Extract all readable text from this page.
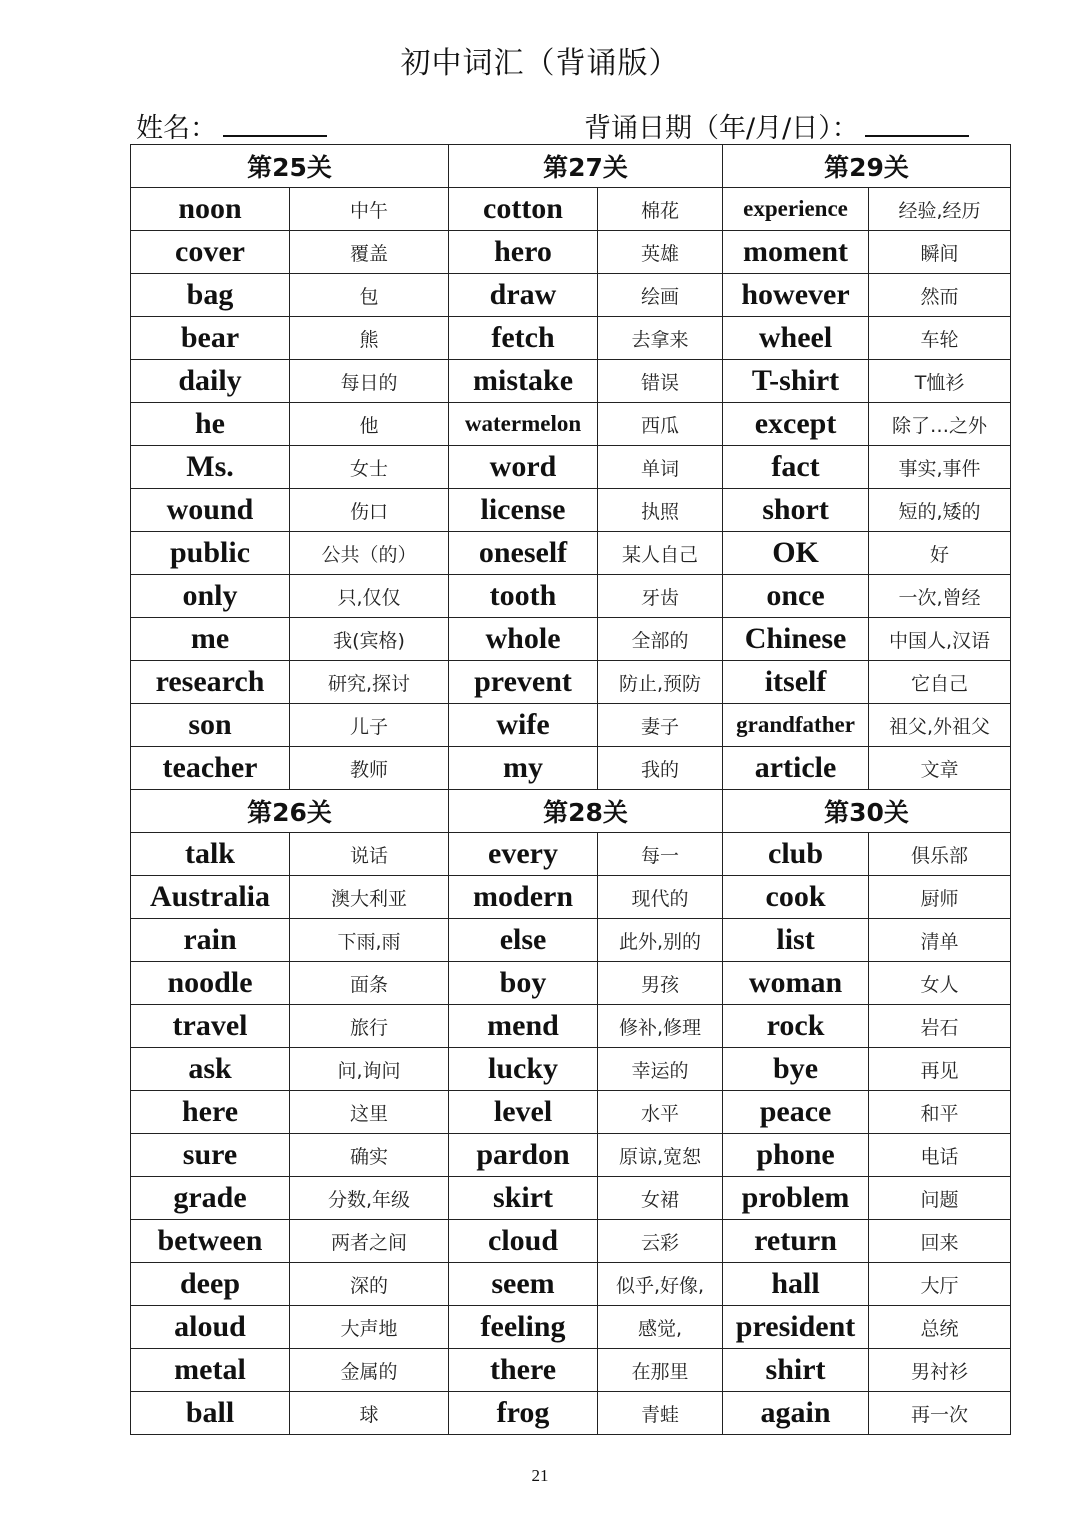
初中词汇（背诵版）
姓名：	背诵日期（年/月/日）：
第25关		第27关		第29关	
noon	中午	cotton	棉花	experience	经验,经历
cover	覆盖	hero	英雄	moment	瞬间
bag	包	draw	绘画	however	然而
bear	熊	fetch	去拿来	wheel	车轮
daily	每日的	mistake	错误	T-shirt	T恤衫
he	他	watermelon	西瓜	except	除了…之外
Ms.	女士	word	单词	fact	事实,事件
wound	伤口	license	执照	short	短的,矮的
public	公共（的）	oneself	某人自己	OK	好
only	只,仅仅	tooth	牙齿	once	一次,曾经
me	我(宾格)	whole	全部的	Chinese	中国人,汉语
research	研究,探讨	prevent	防止,预防	itself	它自己
son	儿子	wife	妻子	grandfather	祖父,外祖父
teacher	教师	my	我的	article	文章
第26关		第28关		第30关	
talk	说话	every	每一	club	俱乐部
Australia	澳大利亚	modern	现代的	cook	厨师
rain	下雨,雨	else	此外,别的	list	清单
noodle	面条	boy	男孩	woman	女人
travel	旅行	mend	修补,修理	rock	岩石
ask	问,询问	lucky	幸运的	bye	再见
here	这里	level	水平	peace	和平
sure	确实	pardon	原谅,宽恕	phone	电话
grade	分数,年级	skirt	女裙	problem	问题
between	两者之间	cloud	云彩	return	回来
deep	深的	seem	似乎,好像,	hall	大厅
aloud	大声地	feeling	感觉,	president	总统
metal	金属的	there	在那里	shirt	男衬衫
ball	球	frog	青蛙	again	再一次
21
